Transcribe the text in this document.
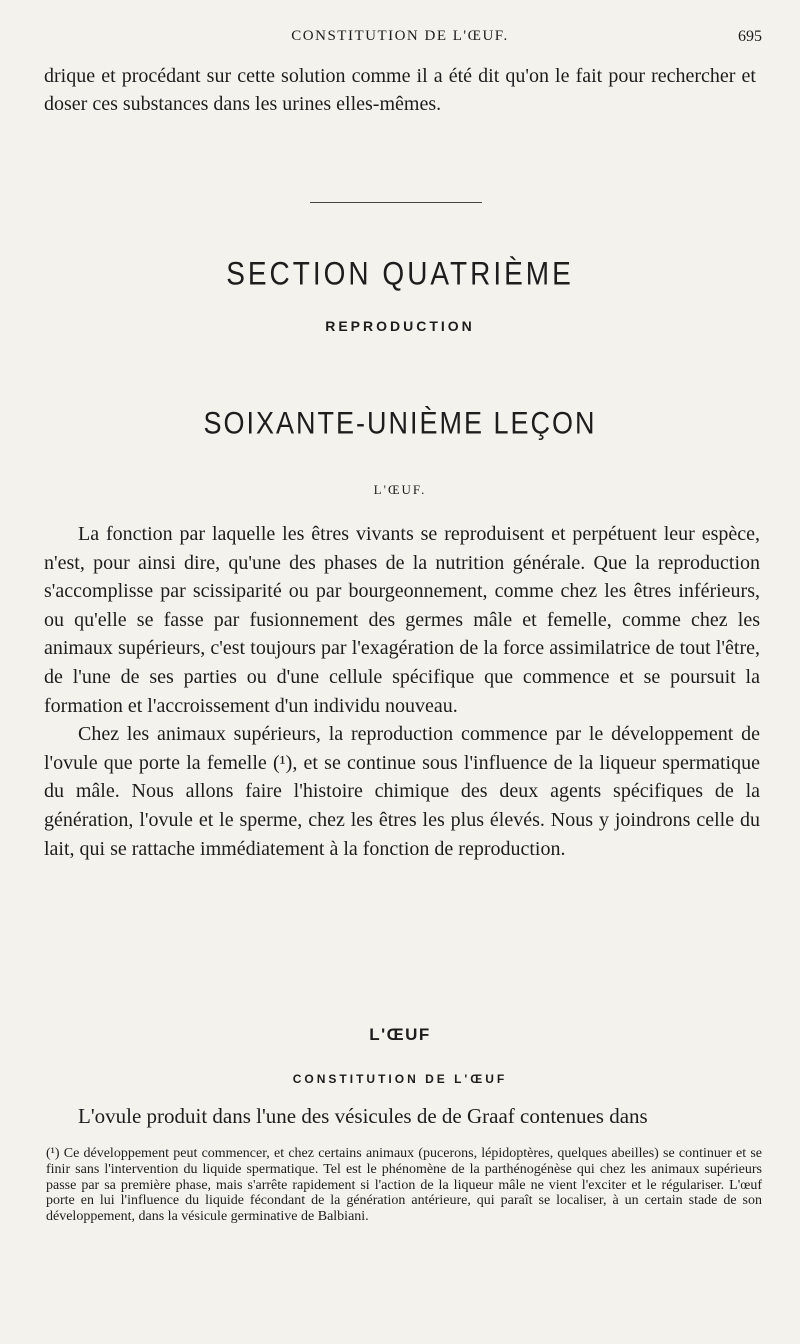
CONSTITUTION DE L'ŒUF.	695
drique et procédant sur cette solution comme il a été dit qu'on le fait pour rechercher et doser ces substances dans les urines elles-mêmes.
SECTION QUATRIÈME
REPRODUCTION
SOIXANTE-UNIÈME LEÇON
L'ŒUF.

La fonction par laquelle les êtres vivants se reproduisent et perpétuent leur espèce, n'est, pour ainsi dire, qu'une des phases de la nutrition générale. Que la reproduction s'accomplisse par scissiparité ou par bourgeonnement, comme chez les êtres inférieurs, ou qu'elle se fasse par fusionnement des germes mâle et femelle, comme chez les animaux supérieurs, c'est toujours par l'exagération de la force assimilatrice de tout l'être, de l'une de ses parties ou d'une cellule spécifique que commence et se poursuit la formation et l'accroissement d'un individu nouveau.

Chez les animaux supérieurs, la reproduction commence par le développement de l'ovule que porte la femelle (¹), et se continue sous l'influence de la liqueur spermatique du mâle. Nous allons faire l'histoire chimique des deux agents spécifiques de la génération, l'ovule et le sperme, chez les êtres les plus élevés. Nous y joindrons celle du lait, qui se rattache immédiatement à la fonction de reproduction.

L'ŒUF
CONSTITUTION DE L'ŒUF
L'ovule produit dans l'une des vésicules de de Graaf contenues dans
(¹) Ce développement peut commencer, et chez certains animaux (pucerons, lépidoptères, quelques abeilles) se continuer et se finir sans l'intervention du liquide spermatique. Tel est le phénomène de la parthénogénèse qui chez les animaux supérieurs passe par sa première phase, mais s'arrête rapidement si l'action de la liqueur mâle ne vient l'exciter et le régulariser. L'œuf porte en lui l'influence du liquide fécondant de la génération antérieure, qui paraît se localiser, à un certain stade de son développement, dans la vésicule germinative de Balbiani.
